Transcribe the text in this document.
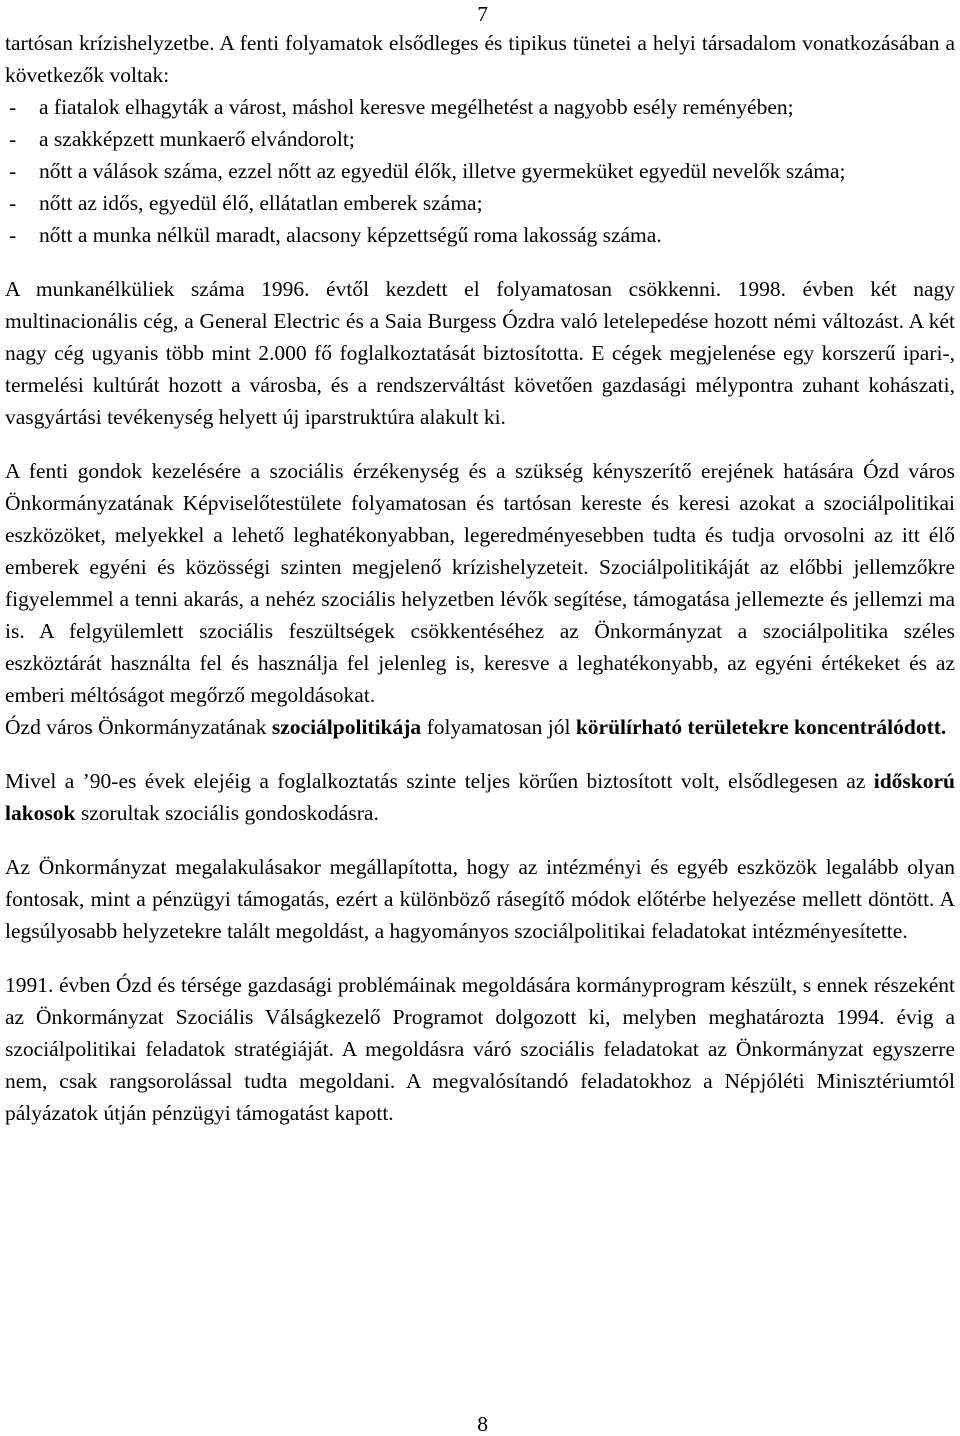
7

tartósan krízishelyzetbe. A fenti folyamatok elsődleges és tipikus tünetei a helyi társadalom vonatkozásában a következők voltak:

- a fiatalok elhagyták a várost, máshol keresve megélhetést a nagyobb esély reményében;
- a szakképzett munkaerő elvándorolt;
- nőtt a válások száma, ezzel nőtt az egyedül élők, illetve gyermeküket egyedül nevelők száma;
- nőtt az idős, egyedül élő, ellátatlan emberek száma;
- nőtt a munka nélkül maradt, alacsony képzettségű roma lakosság száma.

A munkanélküliek száma 1996. évtől kezdett el folyamatosan csökkenni. 1998. évben két nagy multinacionális cég, a General Electric és a Saia Burgess Ózdra való letelepedése hozott némi változást. A két nagy cég ugyanis több mint 2.000 fő foglalkoztatását biztosította. E cégek megjelenése egy korszerű ipari-, termelési kultúrát hozott a városba, és a rendszerváltást követően gazdasági mélypontra zuhant kohászati, vasgyártási tevékenység helyett új iparstruktúra alakult ki.

A fenti gondok kezelésére a szociális érzékenység és a szükség kényszerítő erejének hatására Ózd város Önkormányzatának Képviselőtestülete folyamatosan és tartósan kereste és keresi azokat a szociálpolitikai eszközöket, melyekkel a lehető leghatékonyabban, legeredményesebben tudta és tudja orvosolni az itt élő emberek egyéni és közösségi szinten megjelenő krízishelyzeteit. Szociálpolitikáját az előbbi jellemzőkre figyelemmel a tenni akarás, a nehéz szociális helyzetben lévők segítése, támogatása jellemezte és jellemzi ma is. A felgyülemlett szociális feszültségek csökkentéséhez az Önkormányzat a szociálpolitika széles eszköztárát használta fel és használja fel jelenleg is, keresve a leghatékonyabb, az egyéni értékeket és az emberi méltóságot megőrző megoldásokat.

Ózd város Önkormányzatának szociálpolitikája folyamatosan jól körülírható területekre koncentrálódott.

Mivel a ’90-es évek elejéig a foglalkoztatás szinte teljes körűen biztosított volt, elsődlegesen az időskorú lakosok szorultak szociális gondoskodásra.

Az Önkormányzat megalakulásakor megállapította, hogy az intézményi és egyéb eszközök legalább olyan fontosak, mint a pénzügyi támogatás, ezért a különböző rásegítő módok előtérbe helyezése mellett döntött. A legsúlyosabb helyzetekre talált megoldást, a hagyományos szociálpolitikai feladatokat intézményesítette.

1991. évben Ózd és térsége gazdasági problémáinak megoldására kormányprogram készült, s ennek részeként az Önkormányzat Szociális Válságkezelő Programot dolgozott ki, melyben meghatározta 1994. évig a szociálpolitikai feladatok stratégiáját. A megoldásra váró szociális feladatokat az Önkormányzat egyszerre nem, csak rangsorolással tudta megoldani. A megvalósítandó feladatokhoz a Népjóléti Minisztériumtól pályázatok útján pénzügyi támogatást kapott.

8
